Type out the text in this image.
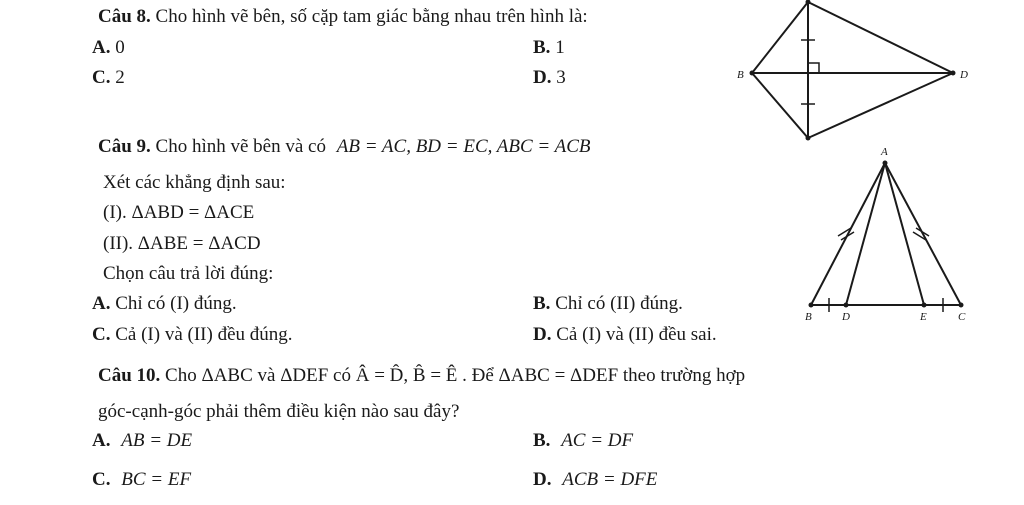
Câu 8. Cho hình vẽ bên, số cặp tam giác bằng nhau trên hình là:
A. 0	B. 1
C. 2	D. 3	B	D
Câu 9. Cho hình vẽ bên và có AB = AC, BD = EC, ABC = ACB
Xét các khẳng định sau:
(I). ΔABD = ΔACE
(II). ΔABE = ΔACD
Chọn câu trả lời đúng:
A. Chỉ có (I) đúng.	B. Chỉ có (II) đúng.
C. Cả (I) và (II) đều đúng.	D. Cả (I) và (II) đều sai.
A
B	D	E	C
Câu 10. Cho ΔABC và ΔDEF có Â = D̂, B̂ = Ê . Để ΔABC = ΔDEF theo trường hợp
góc-cạnh-góc phải thêm điều kiện nào sau đây?
A. AB = DE	B. AC = DF
C. BC = EF	D. ACB = DFE
